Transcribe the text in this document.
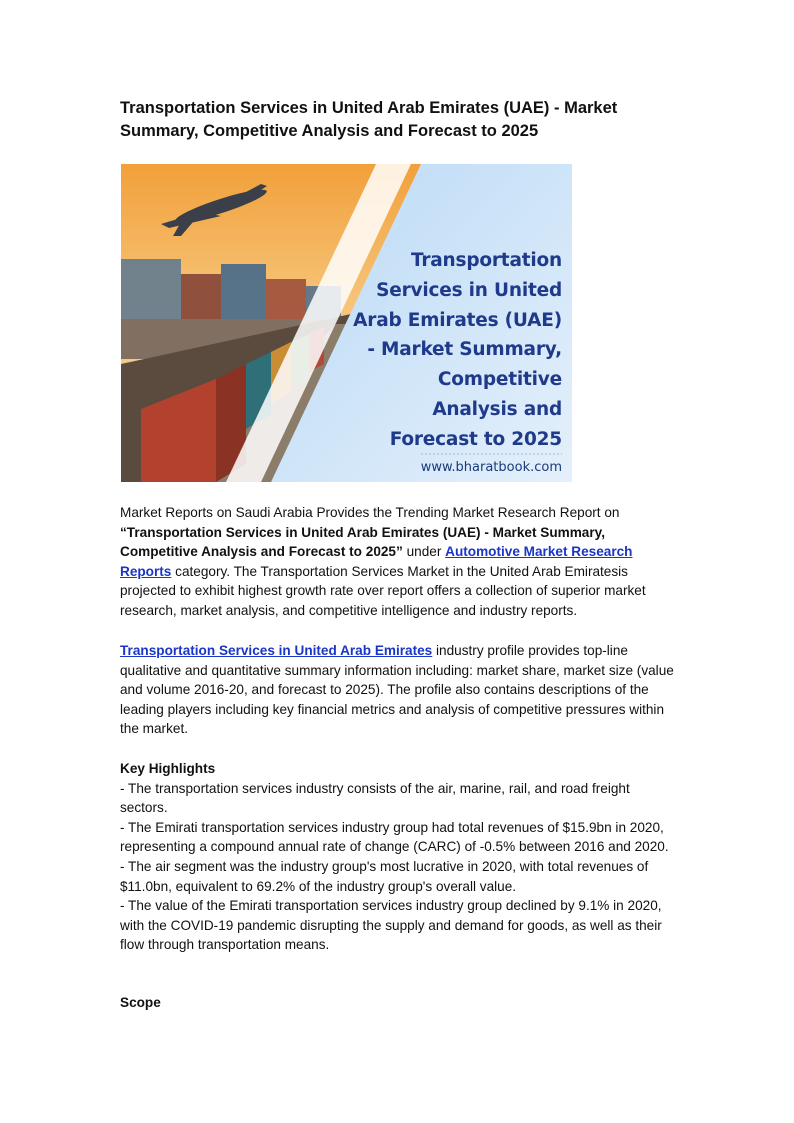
Transportation Services in United Arab Emirates (UAE) - Market Summary, Competitive Analysis and Forecast to 2025
Transportation
Services in United
Arab Emirates (UAE)
- Market Summary,
Competitive
Analysis and
Forecast to 2025
www.bharatbook.com

Market Reports on Saudi Arabia Provides the Trending Market Research Report on “Transportation Services in United Arab Emirates (UAE) - Market Summary, Competitive Analysis and Forecast to 2025” under Automotive Market Research Reports category. The Transportation Services Market in the United Arab Emiratesis projected to exhibit highest growth rate over report offers a collection of superior market research, market analysis, and competitive intelligence and industry reports.

Transportation Services in United Arab Emirates industry profile provides top-line qualitative and quantitative summary information including: market share, market size (value and volume 2016-20, and forecast to 2025). The profile also contains descriptions of the leading players including key financial metrics and analysis of competitive pressures within the market.

Key Highlights
- The transportation services industry consists of the air, marine, rail, and road freight sectors.
- The Emirati transportation services industry group had total revenues of $15.9bn in 2020, representing a compound annual rate of change (CARC) of -0.5% between 2016 and 2020.
- The air segment was the industry group's most lucrative in 2020, with total revenues of $11.0bn, equivalent to 69.2% of the industry group's overall value.
- The value of the Emirati transportation services industry group declined by 9.1% in 2020, with the COVID-19 pandemic disrupting the supply and demand for goods, as well as their flow through transportation means.
Scope
